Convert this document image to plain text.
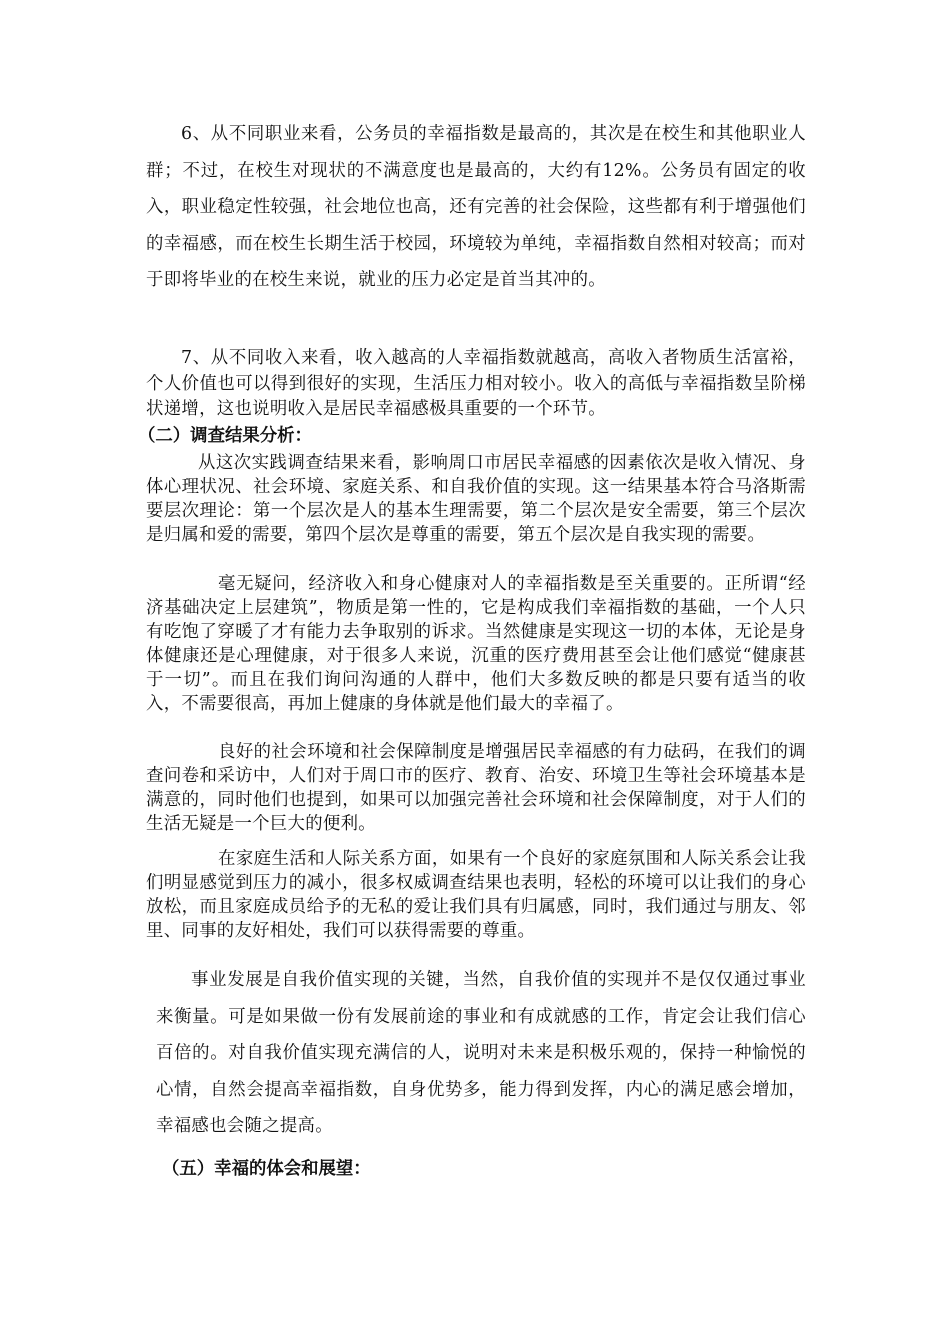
6、从不同职业来看，公务员的幸福指数是最高的，其次是在校生和其他职业人群；不过，在校生对现状的不满意度也是最高的，大约有12%。公务员有固定的收入，职业稳定性较强，社会地位也高，还有完善的社会保险，这些都有利于增强他们的幸福感，而在校生长期生活于校园，环境较为单纯，幸福指数自然相对较高；而对于即将毕业的在校生来说，就业的压力必定是首当其冲的。

7、从不同收入来看，收入越高的人幸福指数就越高，高收入者物质生活富裕，个人价值也可以得到很好的实现，生活压力相对较小。收入的高低与幸福指数呈阶梯状递增，这也说明收入是居民幸福感极具重要的一个环节。

（二）调查结果分析：

从这次实践调查结果来看，影响周口市居民幸福感的因素依次是收入情况、身体心理状况、社会环境、家庭关系、和自我价值的实现。这一结果基本符合马洛斯需要层次理论：第一个层次是人的基本生理需要，第二个层次是安全需要，第三个层次是归属和爱的需要，第四个层次是尊重的需要，第五个层次是自我实现的需要。

毫无疑问，经济收入和身心健康对人的幸福指数是至关重要的。正所谓“经济基础决定上层建筑”，物质是第一性的，它是构成我们幸福指数的基础，一个人只有吃饱了穿暖了才有能力去争取别的诉求。当然健康是实现这一切的本体，无论是身体健康还是心理健康，对于很多人来说，沉重的医疗费用甚至会让他们感觉“健康甚于一切”。而且在我们询问沟通的人群中，他们大多数反映的都是只要有适当的收入，不需要很高，再加上健康的身体就是他们最大的幸福了。

良好的社会环境和社会保障制度是增强居民幸福感的有力砝码，在我们的调查问卷和采访中，人们对于周口市的医疗、教育、治安、环境卫生等社会环境基本是满意的，同时他们也提到，如果可以加强完善社会环境和社会保障制度，对于人们的生活无疑是一个巨大的便利。

在家庭生活和人际关系方面，如果有一个良好的家庭氛围和人际关系会让我们明显感觉到压力的减小，很多权威调查结果也表明，轻松的环境可以让我们的身心放松，而且家庭成员给予的无私的爱让我们具有归属感，同时，我们通过与朋友、邻里、同事的友好相处，我们可以获得需要的尊重。

事业发展是自我价值实现的关键，当然，自我价值的实现并不是仅仅通过事业来衡量。可是如果做一份有发展前途的事业和有成就感的工作，肯定会让我们信心百倍的。对自我价值实现充满信的人，说明对未来是积极乐观的，保持一种愉悦的心情，自然会提高幸福指数，自身优势多，能力得到发挥，内心的满足感会增加，幸福感也会随之提高。

（五）幸福的体会和展望：
